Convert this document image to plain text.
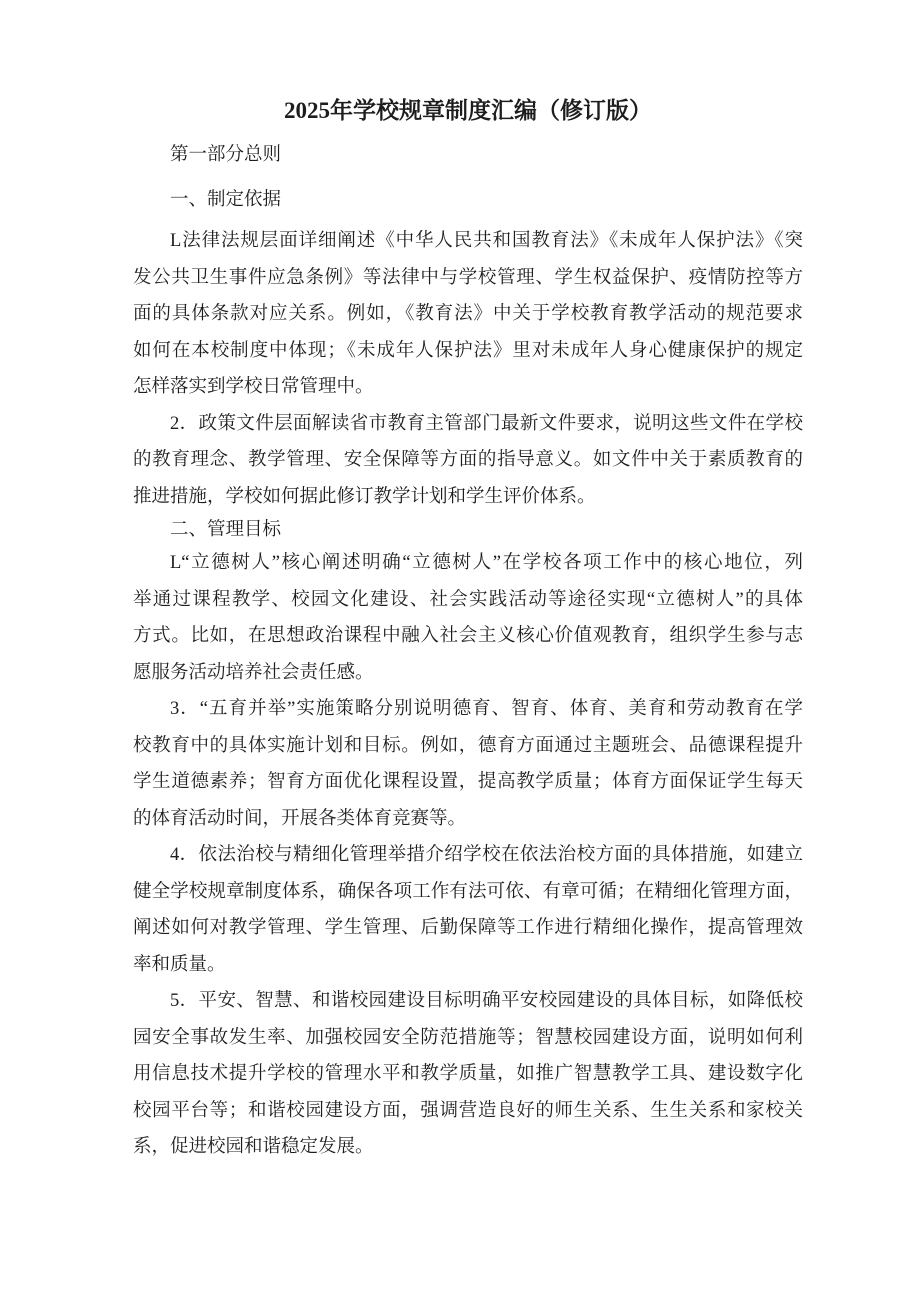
2025年学校规章制度汇编（修订版）
第一部分总则
一、制定依据
L法律法规层面详细阐述《中华人民共和国教育法》《未成年人保护法》《突
发公共卫生事件应急条例》等法律中与学校管理、学生权益保护、疫情防控等方
面的具体条款对应关系。例如，《教育法》中关于学校教育教学活动的规范要求
如何在本校制度中体现；《未成年人保护法》里对未成年人身心健康保护的规定
怎样落实到学校日常管理中。
2．政策文件层面解读省市教育主管部门最新文件要求，说明这些文件在学校
的教育理念、教学管理、安全保障等方面的指导意义。如文件中关于素质教育的
推进措施，学校如何据此修订教学计划和学生评价体系。
二、管理目标
L“立德树人”核心阐述明确“立德树人”在学校各项工作中的核心地位，列
举通过课程教学、校园文化建设、社会实践活动等途径实现“立德树人”的具体
方式。比如，在思想政治课程中融入社会主义核心价值观教育，组织学生参与志
愿服务活动培养社会责任感。
3．“五育并举”实施策略分别说明德育、智育、体育、美育和劳动教育在学
校教育中的具体实施计划和目标。例如，德育方面通过主题班会、品德课程提升
学生道德素养；智育方面优化课程设置，提高教学质量；体育方面保证学生每天
的体育活动时间，开展各类体育竞赛等。
4．依法治校与精细化管理举措介绍学校在依法治校方面的具体措施，如建立
健全学校规章制度体系，确保各项工作有法可依、有章可循；在精细化管理方面，
阐述如何对教学管理、学生管理、后勤保障等工作进行精细化操作，提高管理效
率和质量。
5．平安、智慧、和谐校园建设目标明确平安校园建设的具体目标，如降低校
园安全事故发生率、加强校园安全防范措施等；智慧校园建设方面，说明如何利
用信息技术提升学校的管理水平和教学质量，如推广智慧教学工具、建设数字化
校园平台等；和谐校园建设方面，强调营造良好的师生关系、生生关系和家校关
系，促进校园和谐稳定发展。
